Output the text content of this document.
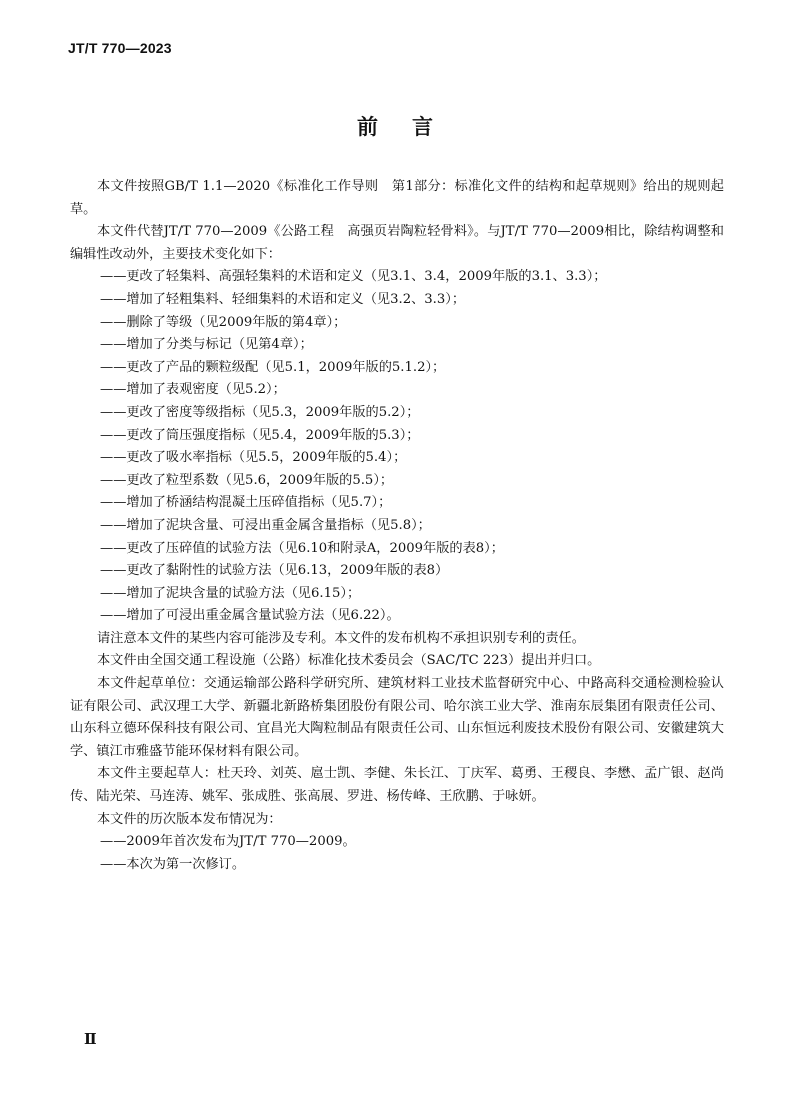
JT/T 770—2023
前言

本文件按照GB/T 1.1—2020《标准化工作导则　第1部分：标准化文件的结构和起草规则》给出的规则起草。

本文件代替JT/T 770—2009《公路工程　高强页岩陶粒轻骨料》。与JT/T 770—2009相比，除结构调整和编辑性改动外，主要技术变化如下：

——更改了轻集料、高强轻集料的术语和定义（见3.1、3.4，2009年版的3.1、3.3）；

——增加了轻粗集料、轻细集料的术语和定义（见3.2、3.3）；

——删除了等级（见2009年版的第4章）；

——增加了分类与标记（见第4章）；

——更改了产品的颗粒级配（见5.1，2009年版的5.1.2）；

——增加了表观密度（见5.2）；

——更改了密度等级指标（见5.3，2009年版的5.2）；

——更改了筒压强度指标（见5.4，2009年版的5.3）；

——更改了吸水率指标（见5.5，2009年版的5.4）；

——更改了粒型系数（见5.6，2009年版的5.5）；

——增加了桥涵结构混凝土压碎值指标（见5.7）；

——增加了泥块含量、可浸出重金属含量指标（见5.8）；

——更改了压碎值的试验方法（见6.10和附录A，2009年版的表8）；

——更改了黏附性的试验方法（见6.13，2009年版的表8）

——增加了泥块含量的试验方法（见6.15）；

——增加了可浸出重金属含量试验方法（见6.22）。

请注意本文件的某些内容可能涉及专利。本文件的发布机构不承担识别专利的责任。

本文件由全国交通工程设施（公路）标准化技术委员会（SAC/TC 223）提出并归口。

本文件起草单位：交通运输部公路科学研究所、建筑材料工业技术监督研究中心、中路高科交通检测检验认证有限公司、武汉理工大学、新疆北新路桥集团股份有限公司、哈尔滨工业大学、淮南东辰集团有限责任公司、山东科立德环保科技有限公司、宜昌光大陶粒制品有限责任公司、山东恒远利废技术股份有限公司、安徽建筑大学、镇江市雅盛节能环保材料有限公司。

本文件主要起草人：杜天玲、刘英、扈士凯、李健、朱长江、丁庆军、葛勇、王稷良、李懋、孟广银、赵尚传、陆光荣、马连涛、姚军、张成胜、张高展、罗进、杨传峰、王欣鹏、于咏妍。

本文件的历次版本发布情况为：

——2009年首次发布为JT/T 770—2009。

——本次为第一次修订。

Ⅱ
